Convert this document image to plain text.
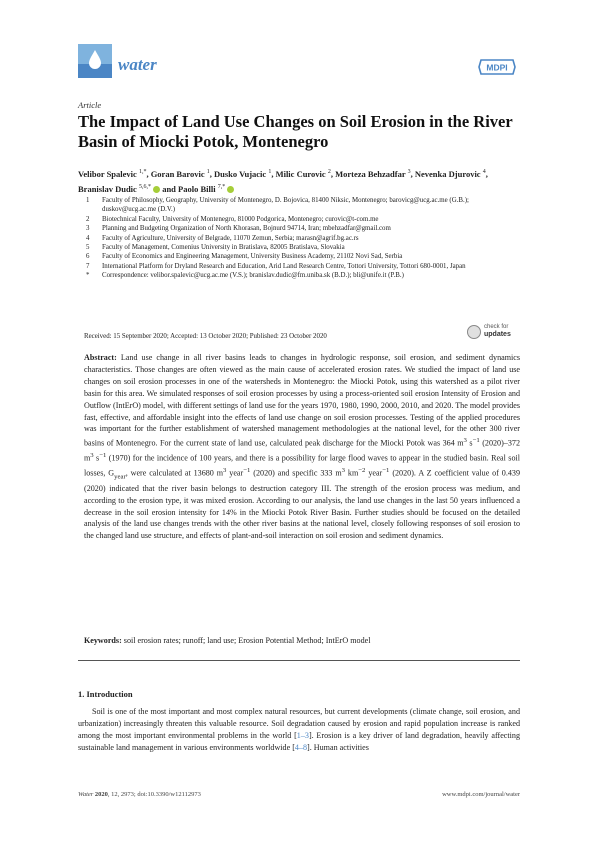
water	MDPI
Article
The Impact of Land Use Changes on Soil Erosion in the River Basin of Miocki Potok, Montenegro
Velibor Spalevic $^{1,*}$, Goran Barovic $^1$, Dusko Vujacic $^1$, Milic Curovic $^2$, Morteza Behzadfar $^3$, Nevenka Djurovic $^4$, Branislav Dudic $^{5,6,*}$ and Paolo Billi $^{7,*}$
1	Faculty of Philosophy, Geography, University of Montenegro, D. Bojovica, 81400 Niksic, Montenegro; barovicg@ucg.ac.me (G.B.); duskov@ucg.ac.me (D.V.)
2	Biotechnical Faculty, University of Montenegro, 81000 Podgorica, Montenegro; curovic@t-com.me
3	Planning and Budgeting Organization of North Khorasan, Bojnurd 94714, Iran; mbehzadfar@gmail.com
4	Faculty of Agriculture, University of Belgrade, 11070 Zemun, Serbia; marasn@agrif.bg.ac.rs
5	Faculty of Management, Comenius University in Bratislava, 82005 Bratislava, Slovakia
6	Faculty of Economics and Engineering Management, University Business Academy, 21102 Novi Sad, Serbia
7	International Platform for Dryland Research and Education, Arid Land Research Centre, Tottori University, Tottori 680-0001, Japan
*	Correspondence: velibor.spalevic@ucg.ac.me (V.S.); branislav.dudic@fm.uniba.sk (B.D.); bli@unife.it (P.B.)
Received: 15 September 2020; Accepted: 13 October 2020; Published: 23 October 2020
check for
updates
Abstract: Land use change in all river basins leads to changes in hydrologic response, soil erosion, and sediment dynamics characteristics. Those changes are often viewed as the main cause of accelerated erosion rates. We studied the impact of land use changes on soil erosion processes in one of the watersheds in Montenegro: the Miocki Potok, using this watershed as a pilot river basin for this area. We simulated responses of soil erosion processes by using a process-oriented soil erosion Intensity of Erosion and Outflow (IntErO) model, with different settings of land use for the years 1970, 1980, 1990, 2000, 2010, and 2020. The model provides fast, effective, and affordable insight into the effects of land use change on soil erosion processes. Testing of the applied procedures was important for the further establishment of watershed management methodologies at the national level, for the other 300 river basins of Montenegro. For the current state of land use, calculated peak discharge for the Miocki Potok was 364 $m^3$ $s^{-1}$ (2020)–372 $m^3$ $s^{-1}$ (1970) for the incidence of 100 years, and there is a possibility for large flood waves to appear in the studied basin. Real soil losses, $G_{year}$, were calculated at 13680 $m^3$ year$^{-1}$ (2020) and specific 333 $m^3$ $km^{-2}$ year$^{-1}$ (2020). A Z coefficient value of 0.439 (2020) indicated that the river basin belongs to destruction category III. The strength of the erosion process was medium, and according to the erosion type, it was mixed erosion. According to our analysis, the land use changes in the last 50 years influenced a decrease in the soil erosion intensity for 14% in the Miocki Potok River Basin. Further studies should be focused on the detailed analysis of the land use changes trends with the other river basins at the national level, closely following responses of soil erosion to the changed land use structure, and effects of plant-and-soil interaction on soil erosion and sediment dynamics.
Keywords: soil erosion rates; runoff; land use; Erosion Potential Method; IntErO model
1. Introduction
Soil is one of the most important and most complex natural resources, but current developments (climate change, soil erosion, and urbanization) increasingly threaten this valuable resource. Soil degradation caused by erosion and rapid population increase is ranked among the most important environmental problems in the world [1–3]. Erosion is a key driver of land degradation, heavily affecting sustainable land management in various environments worldwide [4–8]. Human activities
Water 2020, 12, 2973; doi:10.3390/w12112973	www.mdpi.com/journal/water
